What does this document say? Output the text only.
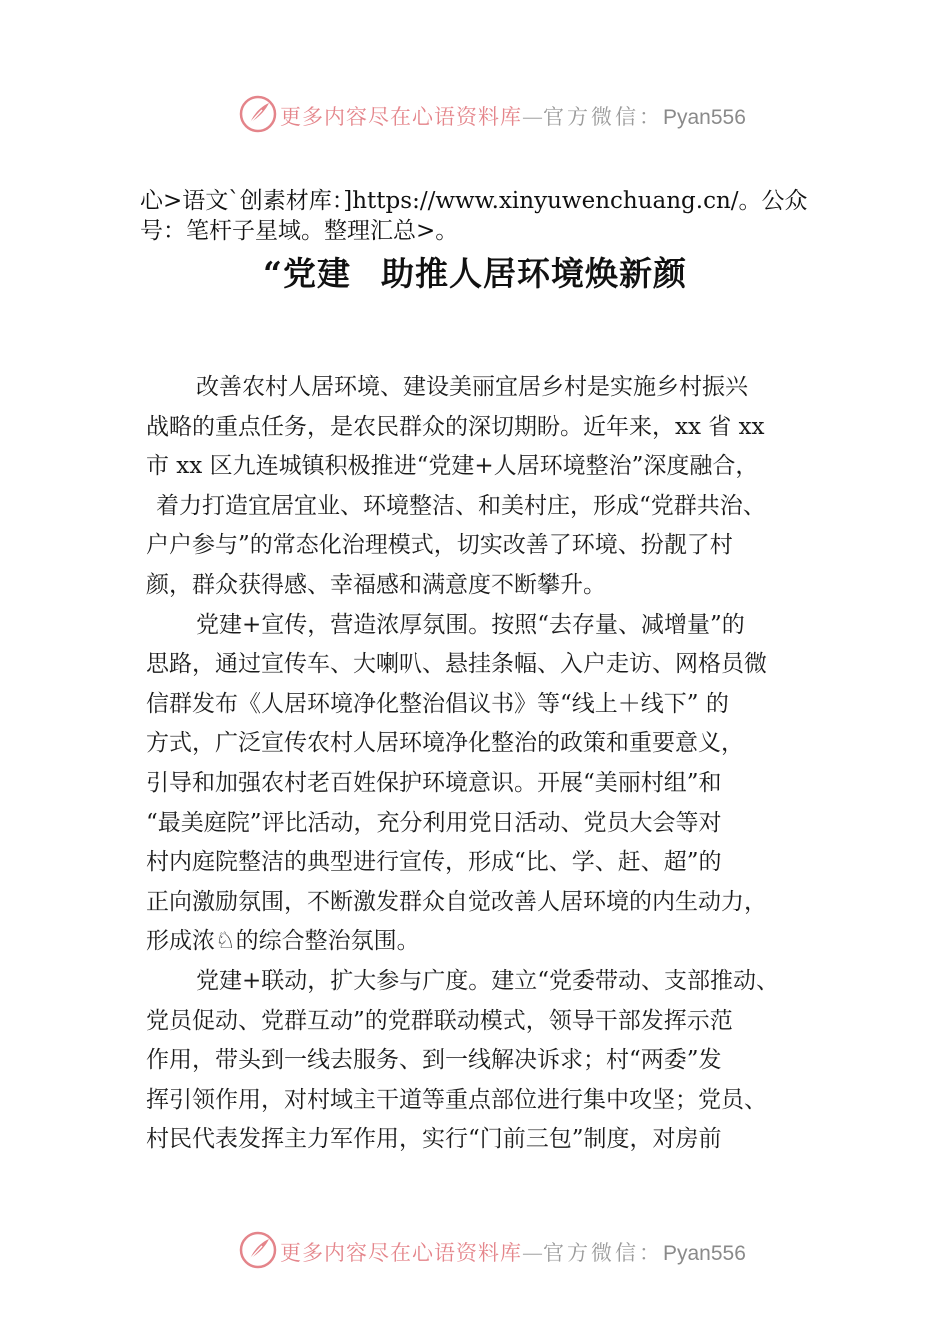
更多内容尽在心语资料库—官方微信：Pyan556
心>语文`创素材库：]https://www.xinyuwenchuang.cn/。公众号：笔杆子星域。整理汇总>。
“党建 助推人居环境焕新颜
改善农村人居环境、建设美丽宜居乡村是实施乡村振兴
战略的重点任务，是农民群众的深切期盼。近年来，xx 省 xx
市 xx 区九连城镇积极推进“党建+人居环境整治”深度融合，
着力打造宜居宜业、环境整洁、和美村庄，形成“党群共治、
户户参与”的常态化治理模式，切实改善了环境、扮靓了村
颜，群众获得感、幸福感和满意度不断攀升。
党建+宣传，营造浓厚氛围。按照“去存量、减增量”的
思路，通过宣传车、大喇叭、悬挂条幅、入户走访、网格员微
信群发布《人居环境净化整治倡议书》等“线上＋线下” 的
方式，广泛宣传农村人居环境净化整治的政策和重要意义，
引导和加强农村老百姓保护环境意识。开展“美丽村组”和
“最美庭院”评比活动，充分利用党日活动、党员大会等对
村内庭院整洁的典型进行宣传，形成“比、学、赶、超”的
正向激励氛围，不断激发群众自觉改善人居环境的内生动力，
形成浓♘的综合整治氛围。
党建+联动，扩大参与广度。建立“党委带动、支部推动、
党员促动、党群互动”的党群联动模式，领导干部发挥示范
作用，带头到一线去服务、到一线解决诉求；村“两委”发
挥引领作用，对村域主干道等重点部位进行集中攻坚；党员、
村民代表发挥主力军作用，实行“门前三包”制度，对房前
更多内容尽在心语资料库—官方微信：Pyan556
